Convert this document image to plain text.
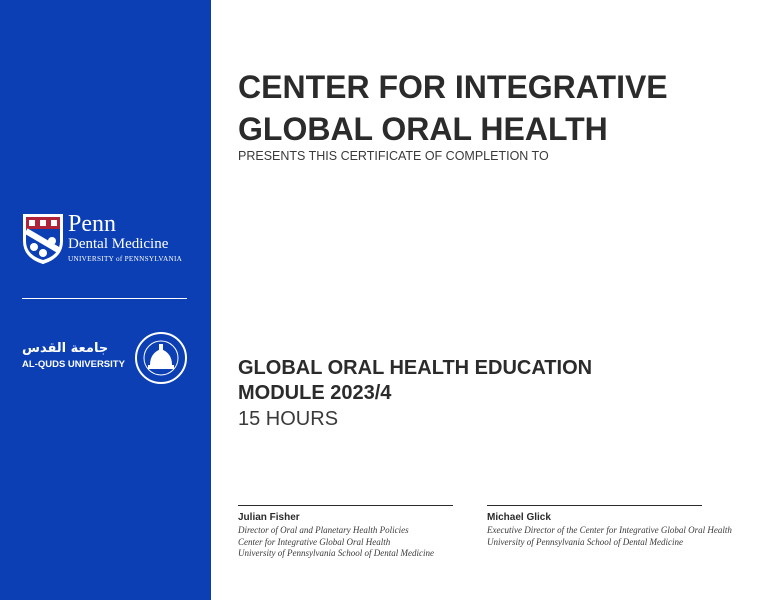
Penn
Dental Medicine
UNIVERSITY of PENNSYLVANIA
جامعة القدس
AL-QUDS UNIVERSITY
CENTER FOR INTEGRATIVE
GLOBAL ORAL HEALTH
PRESENTS THIS CERTIFICATE OF COMPLETION TO
GLOBAL ORAL HEALTH EDUCATION
MODULE 2023/4
15 HOURS
Julian Fisher
Director of Oral and Planetary Health Policies
Center for Integrative Global Oral Health
University of Pennsylvania School of Dental Medicine
Michael Glick
Executive Director of the Center for Integrative Global Oral Health
University of Pennsylvania School of Dental Medicine
